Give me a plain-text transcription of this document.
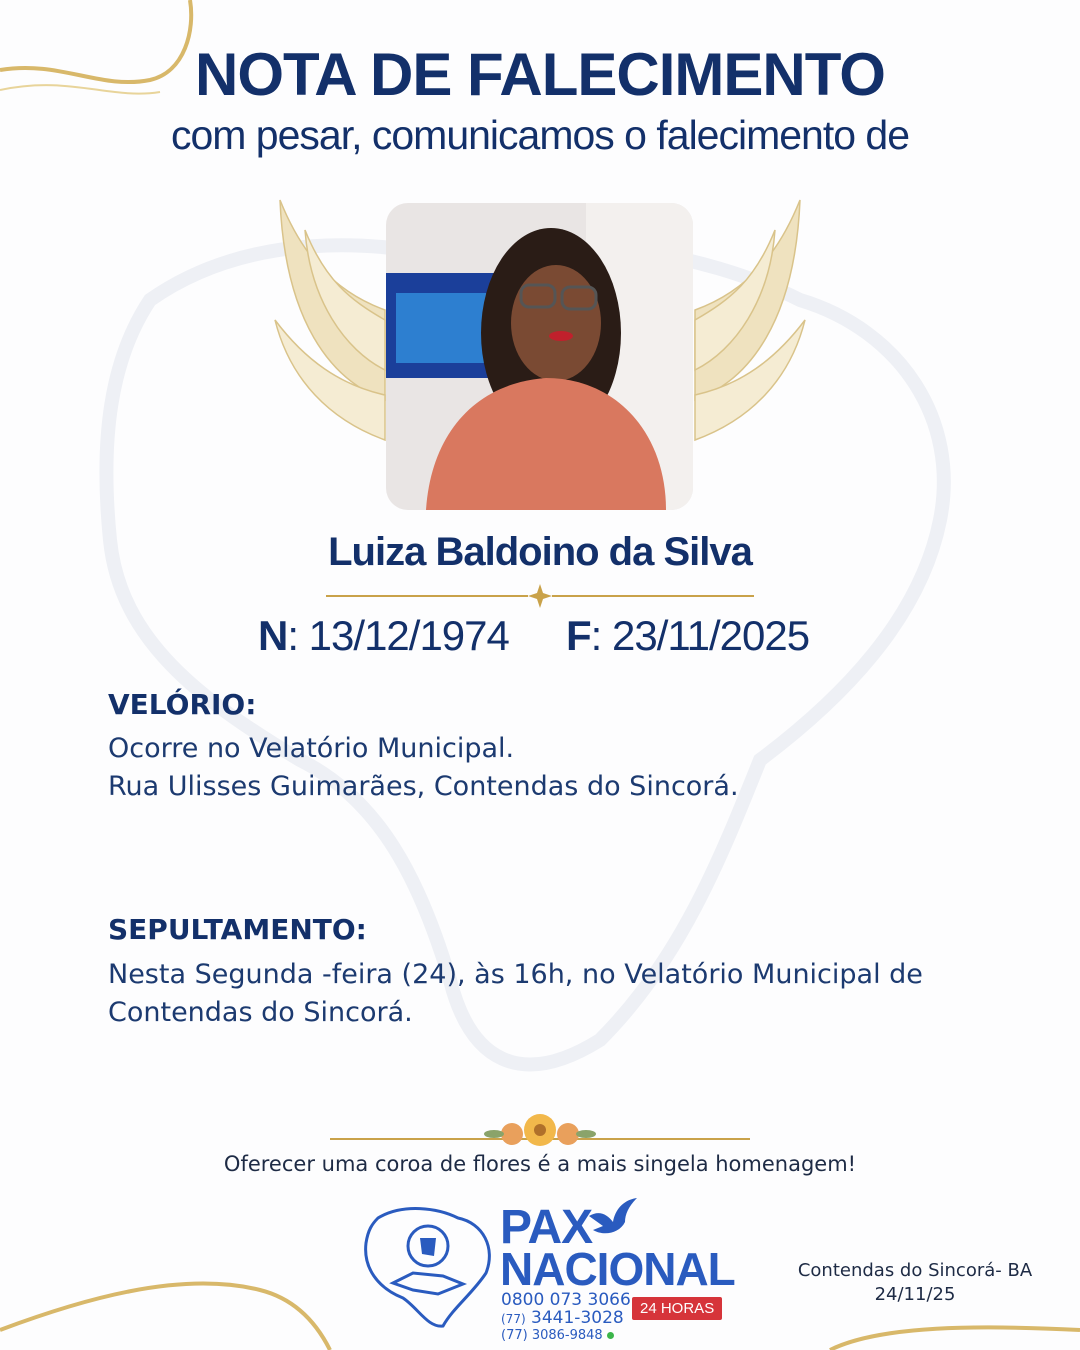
NOTA DE FALECIMENTO
com pesar, comunicamos o falecimento de
Luiza Baldoino da Silva
N: 13/12/1974 F: 23/11/2025
VELÓRIO:
Ocorre no Velatório Municipal.
Rua Ulisses Guimarães, Contendas do Sincorá.
SEPULTAMENTO:
Nesta Segunda -feira (24), às 16h, no Velatório Municipal de
Contendas do Sincorá.
Oferecer uma coroa de flores é a mais singela homenagem!
PAX
NACIONAL
0800 073 3066
(77) 3441-3028
(77) 3086-9848
24 HORAS
Contendas do Sincorá- BA
24/11/25
